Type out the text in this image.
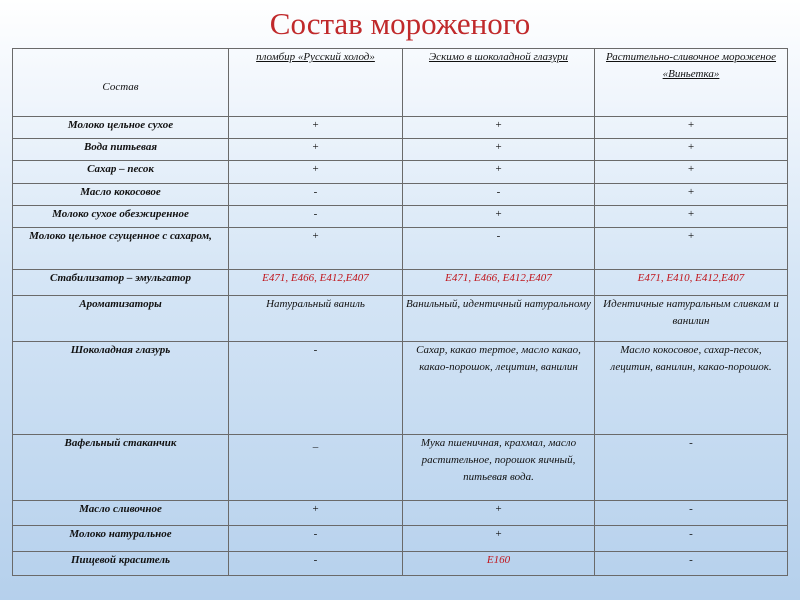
Состав мороженого
Состав	пломбир «Русский холод»	Эскимо в шоколадной глазури	Растительно-сливочное мороженое «Виньетка»
Молоко цельное сухое	+	+	+
Вода питьевая	+	+	+
Сахар – песок	+	+	+
Масло кокосовое	-	-	+
Молоко сухое обезжиренное	-	+	+
Молоко цельное сгущенное с сахаром,	+	-	+
Стабилизатор – эмульгатор	Е471, Е466, Е412,Е407	Е471, Е466, Е412,Е407	Е471, Е410, Е412,Е407
Ароматизаторы	Натуральный ваниль	Ванильный, идентичный натуральному	Идентичные натуральным сливкам и ванилин
Шоколадная глазурь	-	Сахар, какао тертое, масло какао, какао-порошок, лецитин, ванилин	Масло кокосовое, сахар-песок, лецитин, ванилин, какао-порошок.
Вафельный стаканчик	_	Мука пшеничная, крахмал, масло растительное, порошок яичный, питьевая вода.	-
Масло сливочное	+	+	-
Молоко натуральное	-	+	-
Пищевой краситель	-	Е160	-
